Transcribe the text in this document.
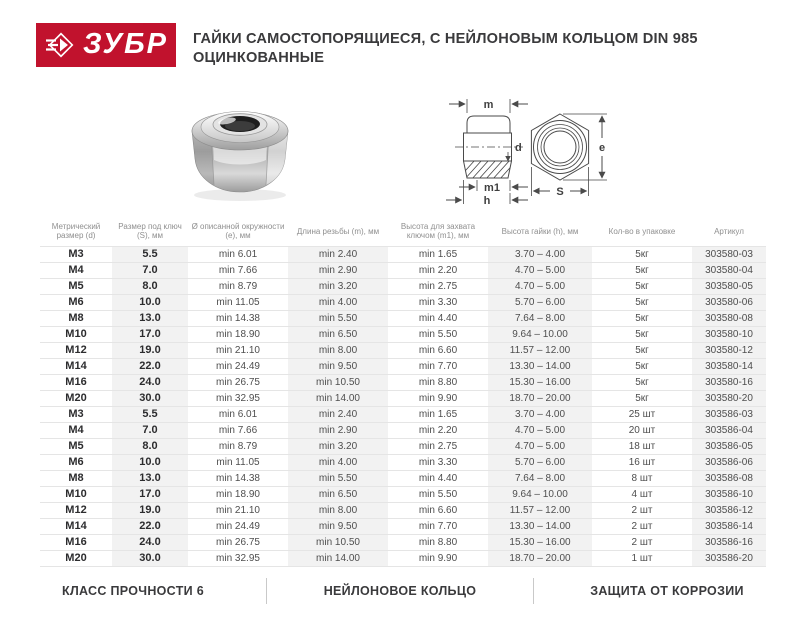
ЗУБР ГАЙКИ САМОСТОПОРЯЩИЕСЯ, С НЕЙЛОНОВЫМ КОЛЬЦОМ DIN 985
ОЦИНКОВАННЫЕ
m
d
m1
h
e
S
Метрический размер (d)	Размер под ключ (S), мм	Ø описанной окружности (e), мм	Длина резьбы (m), мм	Высота для захвата ключом (m1), мм	Высота гайки (h), мм	Кол-во в упаковке	Артикул
M3	5.5	min 6.01	min 2.40	min 1.65	3.70 – 4.00	5кг	303580-03
M4	7.0	min 7.66	min 2.90	min 2.20	4.70 – 5.00	5кг	303580-04
M5	8.0	min 8.79	min 3.20	min 2.75	4.70 – 5.00	5кг	303580-05
M6	10.0	min 11.05	min 4.00	min 3.30	5.70 – 6.00	5кг	303580-06
M8	13.0	min 14.38	min 5.50	min 4.40	7.64 – 8.00	5кг	303580-08
M10	17.0	min 18.90	min 6.50	min 5.50	9.64 – 10.00	5кг	303580-10
M12	19.0	min 21.10	min 8.00	min 6.60	11.57 – 12.00	5кг	303580-12
M14	22.0	min 24.49	min 9.50	min 7.70	13.30 – 14.00	5кг	303580-14
M16	24.0	min 26.75	min 10.50	min 8.80	15.30 – 16.00	5кг	303580-16
M20	30.0	min 32.95	min 14.00	min 9.90	18.70 – 20.00	5кг	303580-20
M3	5.5	min 6.01	min 2.40	min 1.65	3.70 – 4.00	25 шт	303586-03
M4	7.0	min 7.66	min 2.90	min 2.20	4.70 – 5.00	20 шт	303586-04
M5	8.0	min 8.79	min 3.20	min 2.75	4.70 – 5.00	18 шт	303586-05
M6	10.0	min 11.05	min 4.00	min 3.30	5.70 – 6.00	16 шт	303586-06
M8	13.0	min 14.38	min 5.50	min 4.40	7.64 – 8.00	8 шт	303586-08
M10	17.0	min 18.90	min 6.50	min 5.50	9.64 – 10.00	4 шт	303586-10
M12	19.0	min 21.10	min 8.00	min 6.60	11.57 – 12.00	2 шт	303586-12
M14	22.0	min 24.49	min 9.50	min 7.70	13.30 – 14.00	2 шт	303586-14
M16	24.0	min 26.75	min 10.50	min 8.80	15.30 – 16.00	2 шт	303586-16
M20	30.0	min 32.95	min 14.00	min 9.90	18.70 – 20.00	1 шт	303586-20
КЛАСС ПРОЧНОСТИ 6	НЕЙЛОНОВОЕ КОЛЬЦО	ЗАЩИТА ОТ КОРРОЗИИ
